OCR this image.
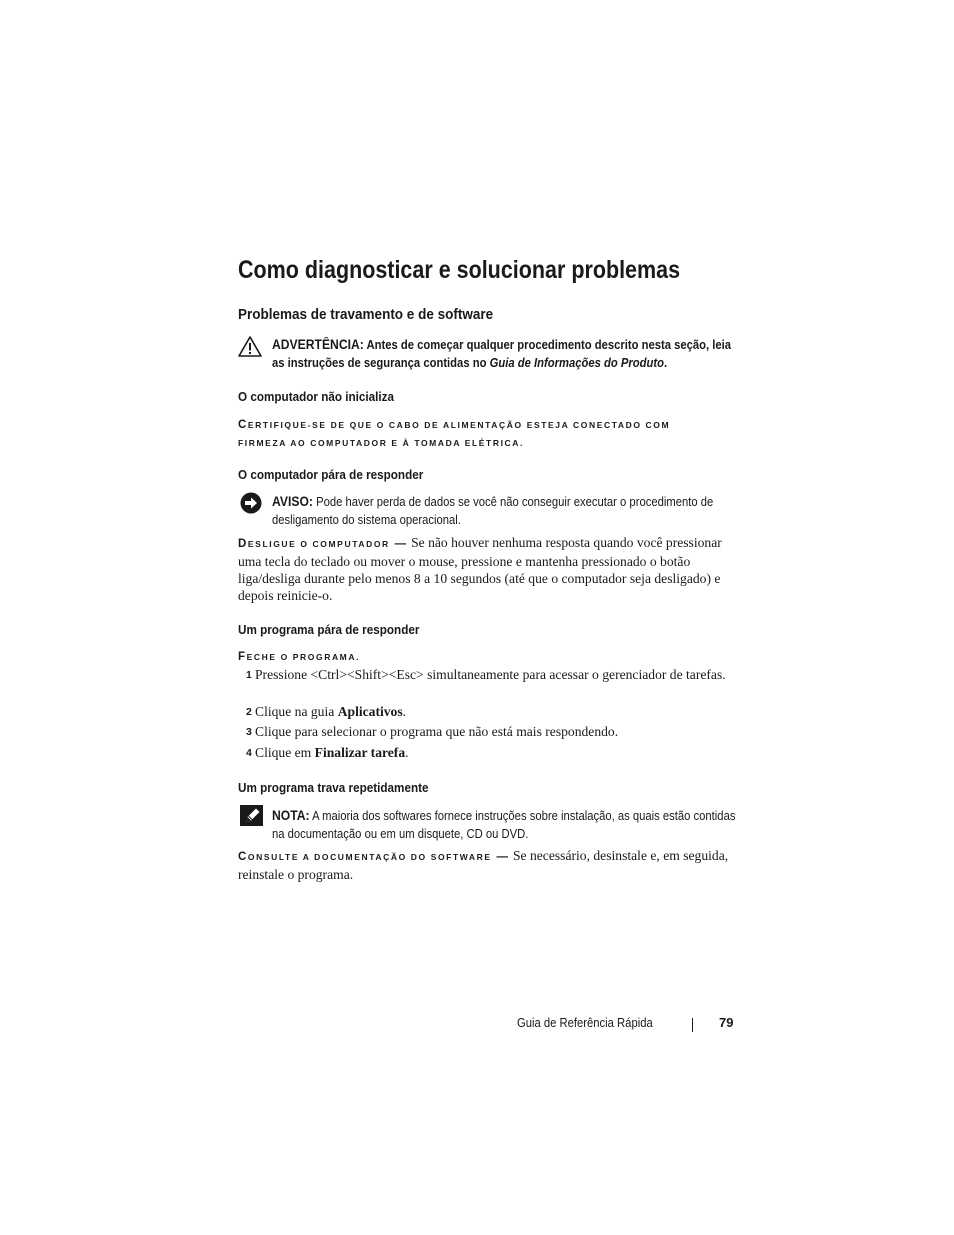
Como diagnosticar e solucionar problemas
Problemas de travamento e de software
ADVERTÊNCIA: Antes de começar qualquer procedimento descrito nesta seção, leia as instruções de segurança contidas no Guia de Informações do Produto.
O computador não inicializa
CERTIFIQUE-SE DE QUE O CABO DE ALIMENTAÇÃO ESTEJA CONECTADO COM
FIRMEZA AO COMPUTADOR E À TOMADA ELÉTRICA.
O computador pára de responder
AVISO: Pode haver perda de dados se você não conseguir executar o procedimento de desligamento do sistema operacional.
DESLIGUE O COMPUTADOR — Se não houver nenhuma resposta quando você pressionar uma tecla do teclado ou mover o mouse, pressione e mantenha pressionado o botão liga/desliga durante pelo menos 8 a 10 segundos (até que o computador seja desligado) e depois reinicie-o.
Um programa pára de responder
FECHE O PROGRAMA.
1 Pressione <Ctrl><Shift><Esc> simultaneamente para acessar o gerenciador de tarefas.
2 Clique na guia Aplicativos.
3 Clique para selecionar o programa que não está mais respondendo.
4 Clique em Finalizar tarefa.
Um programa trava repetidamente
NOTA: A maioria dos softwares fornece instruções sobre instalação, as quais estão contidas na documentação ou em um disquete, CD ou DVD.
CONSULTE A DOCUMENTAÇÃO DO SOFTWARE — Se necessário, desinstale e, em seguida, reinstale o programa.
Guia de Referência Rápida	79
